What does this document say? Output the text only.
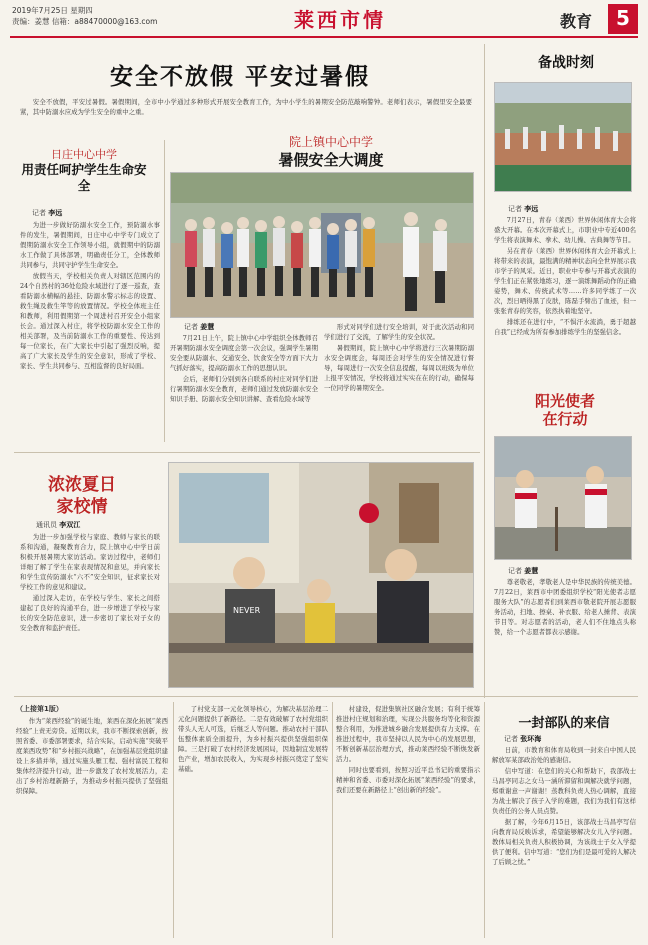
2019年7月25日 星期四
责编：姜慧 信箱：a88470000@163.com	莱西市情	教育	5
安全不放假 平安过暑假

安全不放假，平安过暑假。暑假期间，全市中小学通过多种形式开展安全教育工作，为中小学生的暑期安全防范敲响警钟。老师们表示，暑假里安全最要紧，其中防溺水应成为学生安全的重中之重。

日庄中心中学
用责任呵护学生生命安全
记者 李远

为进一步做好防溺水安全工作，预防溺水事件的发生，暑假期间，日庄中心中学专门成立了假期防溺水安全工作领导小组，就假期中的防溺水工作做了具体部署，明确责任分工，全体教师共同参与，共同守护学生生命安全。

放假当天，学校相关负责人对辖区范围内的24个自然村的36处危险水域进行了逐一巡查，查看防溺水横幅的悬挂、防溺水警示标志的设置、救生绳及救生竿等的放置情况。学校全体班主任和教师，利用假期第一个周进村召开安全小组家长会。通过深入村庄，将学校防溺水安全工作的相关部署，及当前防溺水工作的重要性、传达到每一位家长，在广大家长中引起了强烈反响，提高了广大家长及学生的安全意识，形成了学校、家长、学生共同参与、互相监督的良好局面。

院上镇中心中学
暑假安全大调度
记者 姜慧

7月21日上午，院上镇中心中学组织全体教师召开暑期防溺水安全调度会第一次会议，强调学生暑期安全要从防溺水、交通安全、饮食安全等方面下大力气抓好落实，提高防溺水工作的思想认识。

会后，老师们分别到各自联系的村庄对同学们进行暑期防溺水安全教育，老师们通过发放防溺水安全知识手册、防溺水安全知识讲解、查看危险水域等

形式对同学们进行安全培训，对于此次活动和同学们进行了交流，了解学生的安全状况。

暑假期间，院上镇中心中学将进行三次暑期防溺水安全调度会，每周还会对学生的安全情况进行督导，每周进行一次安全信息提醒，每周以班级为单位上报平安情况，学校将通过实实在在的行动，确保每一位同学的暑期安全。

浓浓夏日
家校情
通讯员 李双江

为进一步加强学校与家庭、教师与家长的联系和沟通，凝聚教育合力，院上镇中心中学日前积极开展暑期大家访活动。家访过程中，老师们详细了解了学生在家表现情况和意见，并向家长和学生宣传防溺水“六不”安全知识，征求家长对学校工作的意见和建议。

通过深入走访，在学校与学生、家长之间搭建起了良好的沟通平台，进一步增进了学校与家长的安全防范意识，进一步密切了家长对子女的安全教育和监护责任。

NEVER
备战时刻
记者 李远

7月27日，青春（莱西）世界休闲体育大会将盛大开幕。在本次开幕式上，市职业中专近400名学生将表演舞术、拳术、幼儿操、古典舞等节目。

另在青春（莱西）世界休闲体育大会开幕式上将带来的表演，最饱满的精神状态向全世界展示我市学子的风采。近日，职业中专参与开幕式表演的学生们正在紧张地练习，逐一演练舞蹈动作的正确姿势，舞术、传统武术等……许多同学练了一次次，烈日晒得黑了皮肤，陈磊手臂出了血迹，但一张张青春的笑容，依然执着地坚守。

排练还在进行中，“不惧汗水流淌，勇于超越自我”已经成为所有参加排练学生的坚强信念。

阳光使者
在行动
记者 姜慧

尊老敬老，孝敬老人是中华民族的传统美德。7月22日，莱西市中团委组织学校“阳光使者志愿服务大队”的志愿者们到莱西市敬老院开展志愿服务活动，扫地、擦桌、补衣服、给老人捶背、表演节目等。对志愿者的活动，老人们不住地点头称赞，给一个志愿者都表示感谢。

（上接第1版）

作为“莱西经验”的诞生地，莱西在深化拓展“莱西经验”上责无旁贷。近期以来，我市不断探索创新，按照省委、市委部署要求，结合实际，启动实施“突破平度莱西攻势”和“乡村振兴战略”，在加强基层党组织建设上多措并举，通过实施头雁工程、强村富民工程和集体经济提升行动，进一步激发了农村发展活力，走出了乡村治理新路子，为推动乡村振兴提供了坚强组织保障。

了村党支部一元化领导核心，为解决基层治理二元化问题提供了新路径。二是有效破解了农村党组织带头人无人可选，后继乏人等问题。推动农村干部队伍整体素质全面提升，为乡村振兴提供坚强组织保障。三是打破了农村经济发展困局，因地制宜发展特色产业，增加农民收入，为实现乡村振兴奠定了坚实基础。

村建设，促进集镇社区融合发展；有利于统筹推进村庄规划和治理，实现公共服务均等化和资源整合利用，为推进城乡融合发展提供有力支撑。在推进过程中，我市坚持以人民为中心的发展思想，不断创新基层治理方式，推动莱西经验不断焕发新活力。

同时也要看到，按照习近平总书记的重要指示精神和省委、市委对深化拓展“莱西经验”的要求，我们还要在新路径上“创出新的经验”。

一封部队的来信
记者 张环海

日前，市教育和体育局收到一封来自中国人民解放军某部政治处的感谢信。

信中写道：在您们的关心和帮助下，我部战士马昌亭同志之女马一涵所滞留和调解决就学问题，郑重谢意一声谢谢！蒸教科负责人热心调解，直接为战士解决了孩子入学的难题，我们为我们有这样负责任的公务人员点赞。

据了解，今年6月15日，该部战士马昌亭写信向教育局反映诉求，希望能够解决女儿入学问题。教体局相关负责人积极协调，为该战士子女入学提供了便利。信中写道：“您们为们是最可爱的人解决了后顾之忧。”
